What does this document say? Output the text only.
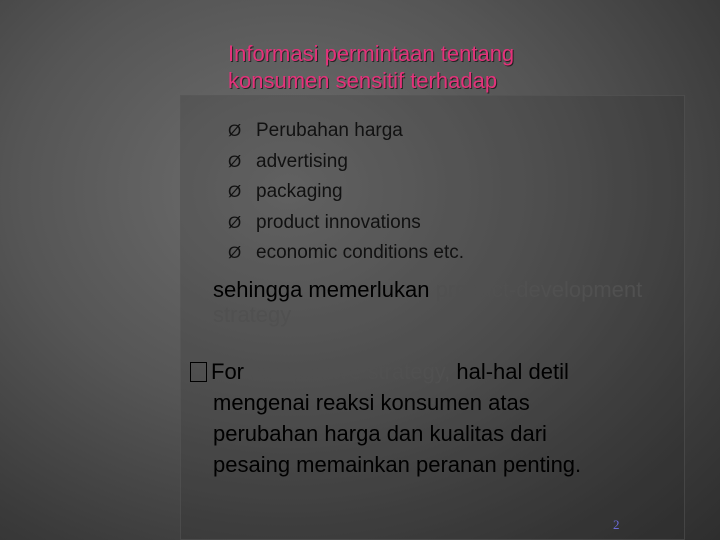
Informasi permintaan tentang
konsumen sensitif terhadap
Ø Perubahan harga
Ø advertising
Ø packaging
Ø product innovations
Ø economic conditions etc.
sehingga memerlukan product-development strategy
For competitive strategy, hal-hal detil
mengenai reaksi konsumen atas
perubahan harga dan kualitas dari
pesaing memainkan peranan penting.
2
